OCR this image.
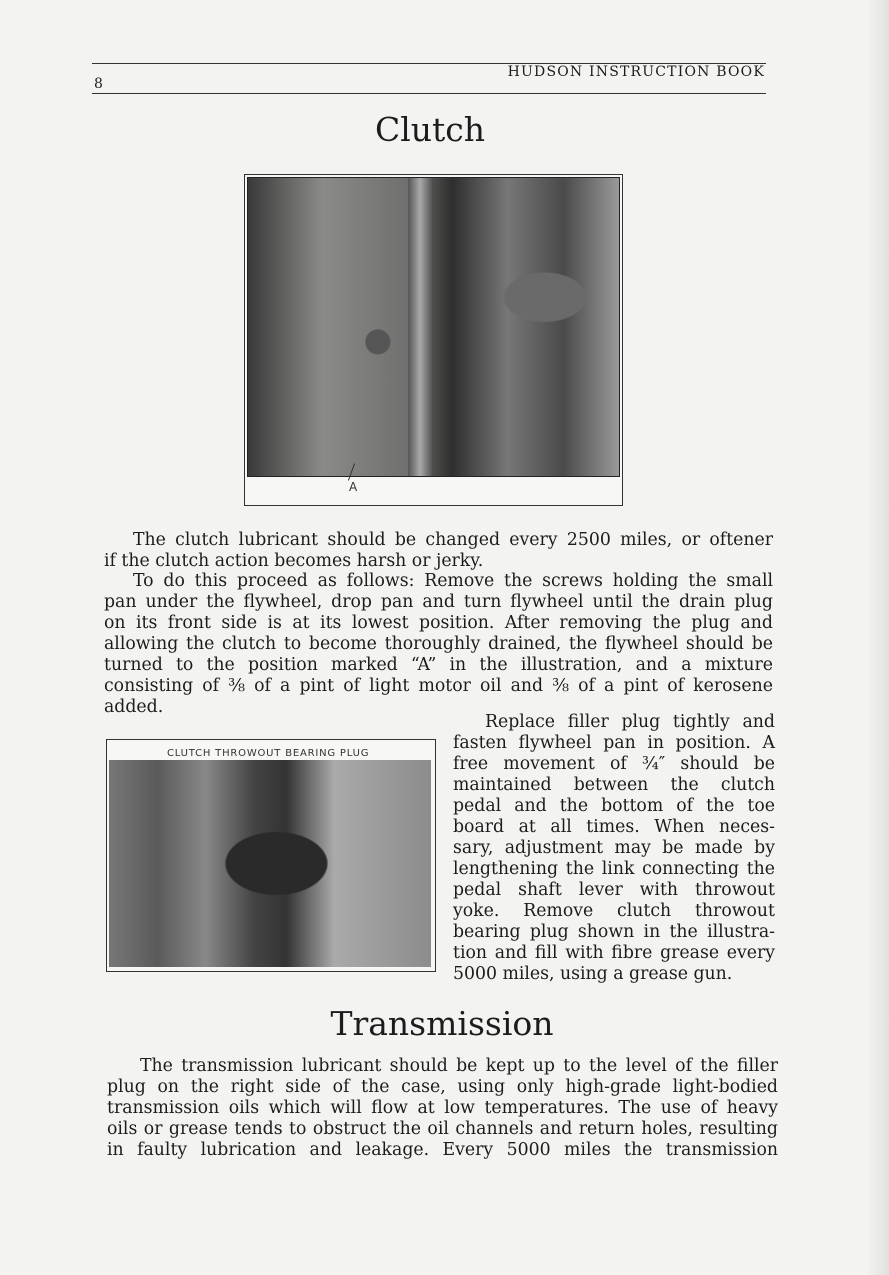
8
HUDSON INSTRUCTION BOOK
Clutch
A
The clutch lubricant should be changed every 2500 miles, or oftener
if the clutch action becomes harsh or jerky.
To do this proceed as follows: Remove the screws holding the small
pan under the flywheel, drop pan and turn flywheel until the drain plug
on its front side is at its lowest position. After removing the plug and
allowing the clutch to become thoroughly drained, the flywheel should be
turned to the position marked “A” in the illustration, and a mixture
consisting of ⅜ of a pint of light motor oil and ⅜ of a pint of kerosene
added.
CLUTCH THROWOUT BEARING PLUG
Replace filler plug tightly and
fasten flywheel pan in position. A
free movement of ¾″ should be
maintained between the clutch
pedal and the bottom of the toe
board at all times. When neces-
sary, adjustment may be made by
lengthening the link connecting the
pedal shaft lever with throwout
yoke. Remove clutch throwout
bearing plug shown in the illustra-
tion and fill with fibre grease every
5000 miles, using a grease gun.
Transmission
The transmission lubricant should be kept up to the level of the filler
plug on the right side of the case, using only high-grade light-bodied
transmission oils which will flow at low temperatures. The use of heavy
oils or grease tends to obstruct the oil channels and return holes, resulting
in faulty lubrication and leakage. Every 5000 miles the transmission
